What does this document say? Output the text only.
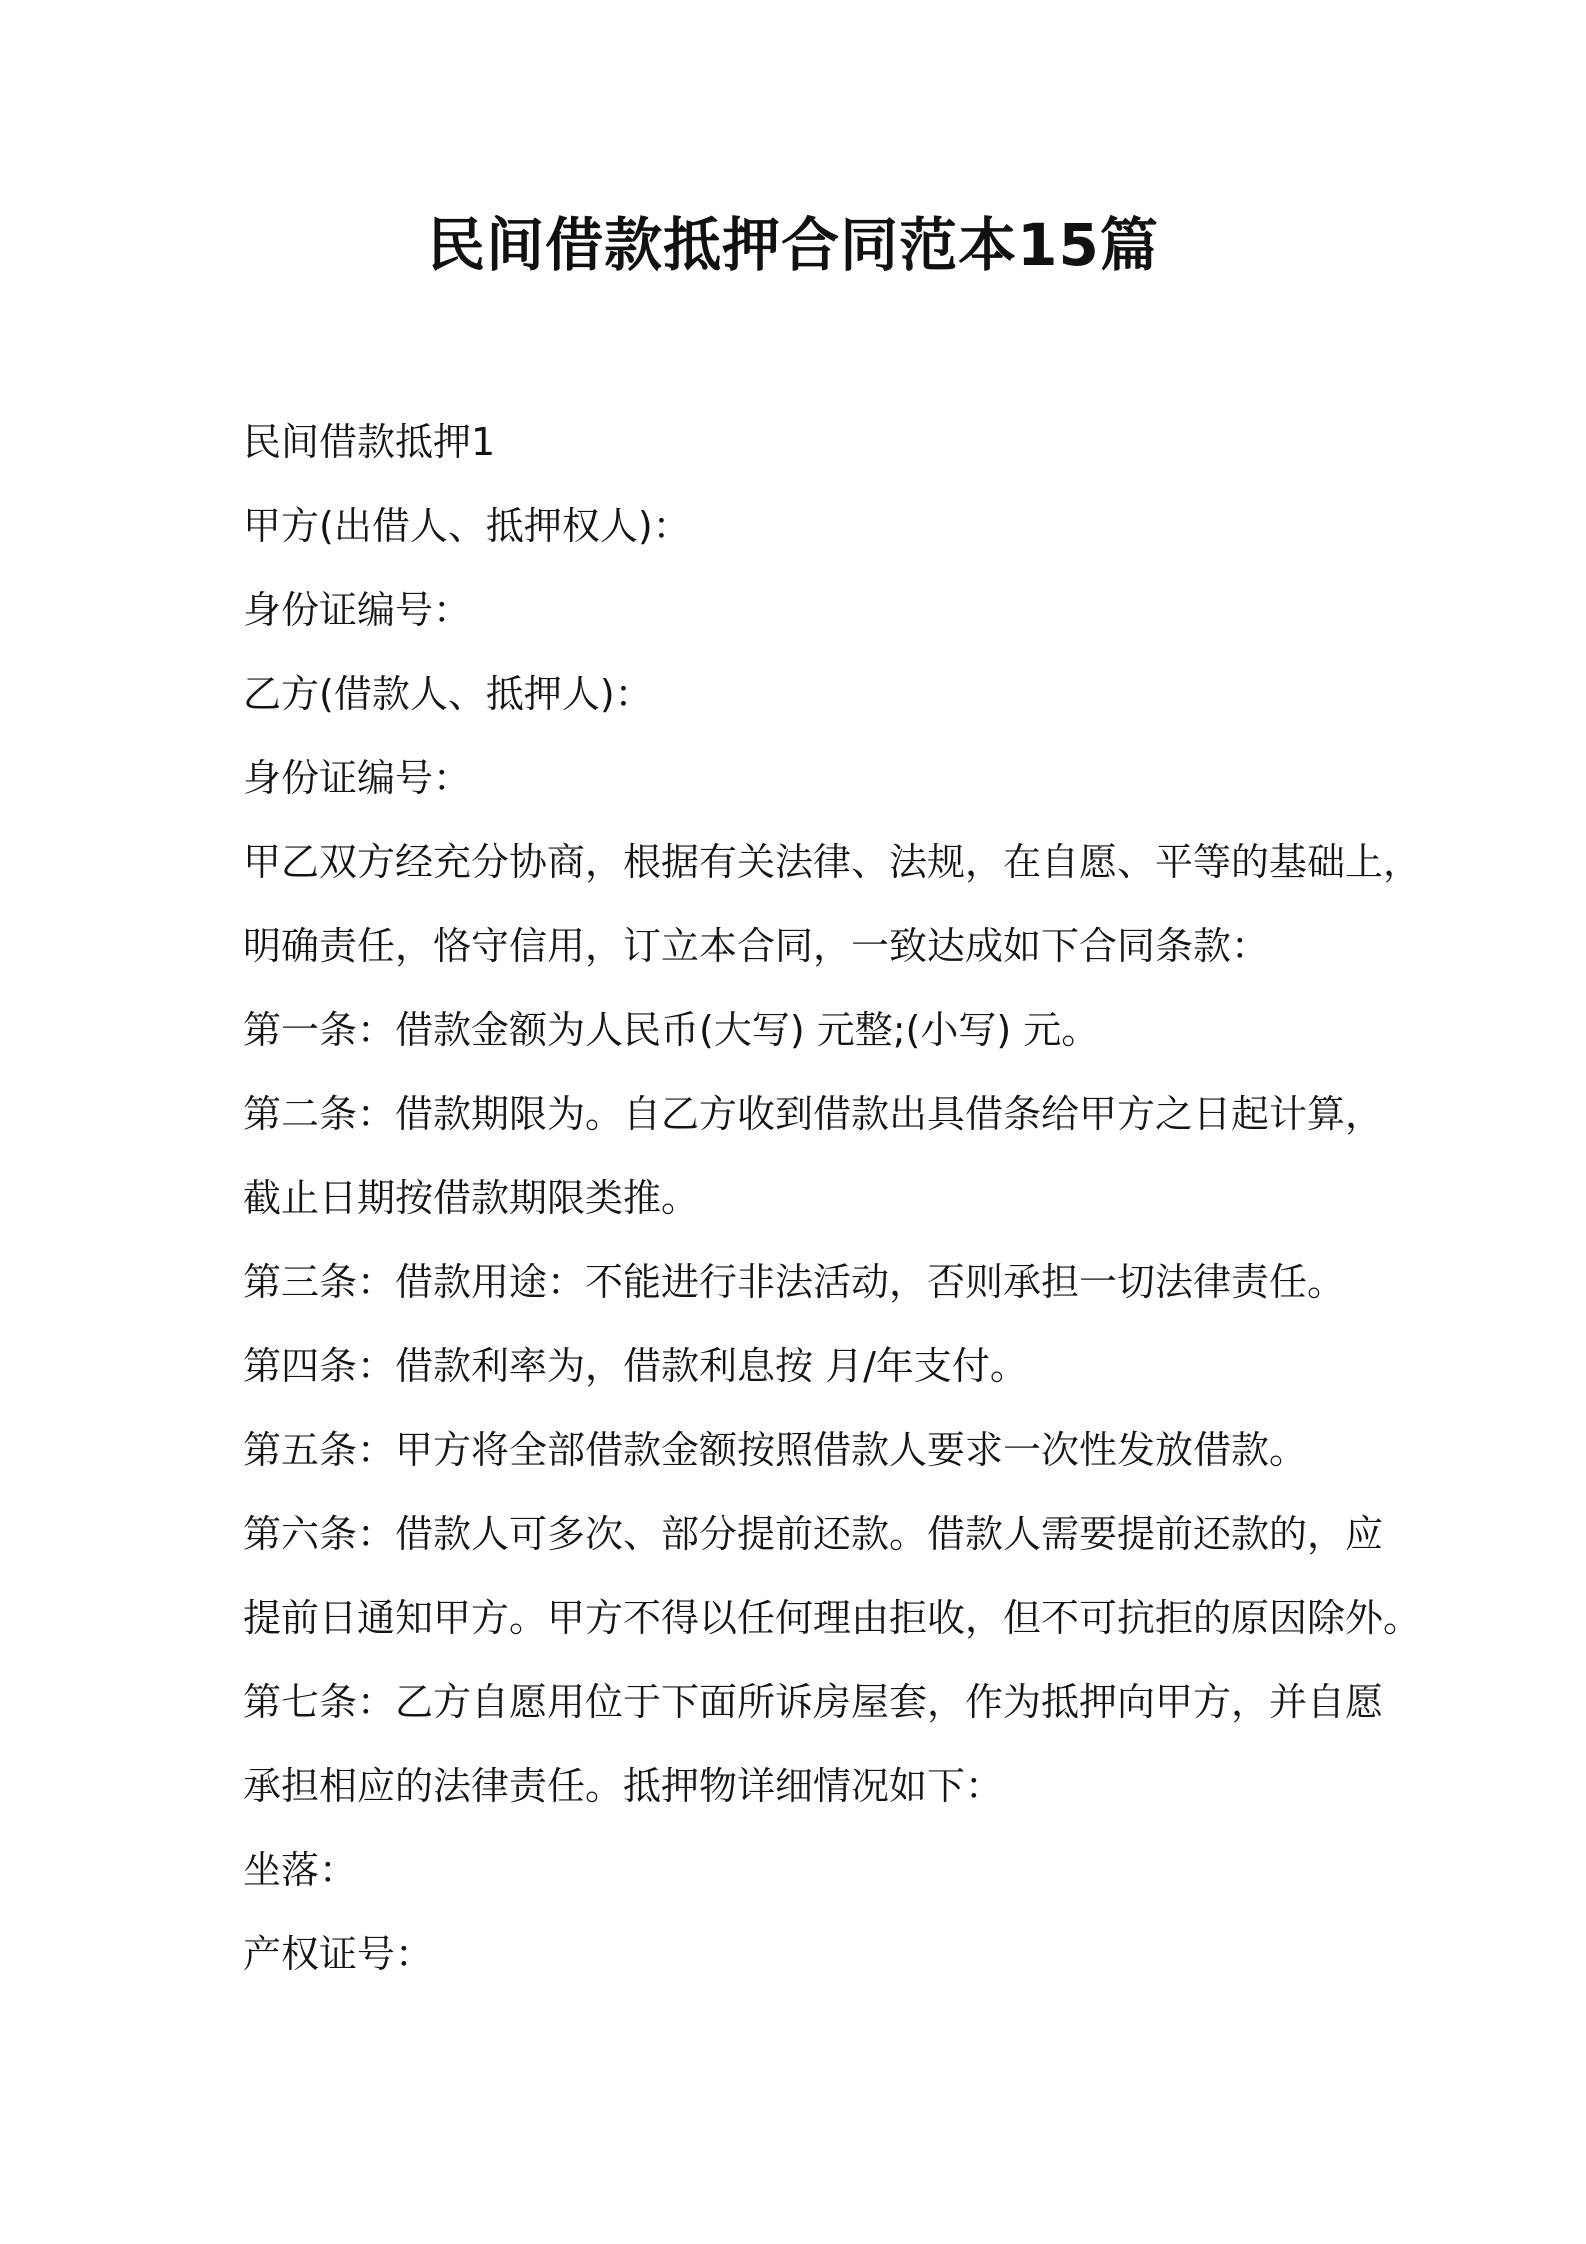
民间借款抵押合同范本15篇
民间借款抵押1
甲方(出借人、抵押权人)：
身份证编号：
乙方(借款人、抵押人)：
身份证编号：
甲乙双方经充分协商，根据有关法律、法规，在自愿、平等的基础上，
明确责任，恪守信用，订立本合同，一致达成如下合同条款：
第一条：借款金额为人民币(大写) 元整;(小写) 元。
第二条：借款期限为。自乙方收到借款出具借条给甲方之日起计算，
截止日期按借款期限类推。
第三条：借款用途：不能进行非法活动，否则承担一切法律责任。
第四条：借款利率为，借款利息按 月/年支付。
第五条：甲方将全部借款金额按照借款人要求一次性发放借款。
第六条：借款人可多次、部分提前还款。借款人需要提前还款的，应
提前日通知甲方。甲方不得以任何理由拒收，但不可抗拒的原因除外。
第七条：乙方自愿用位于下面所诉房屋套，作为抵押向甲方，并自愿
承担相应的法律责任。抵押物详细情况如下：
坐落：
产权证号：
